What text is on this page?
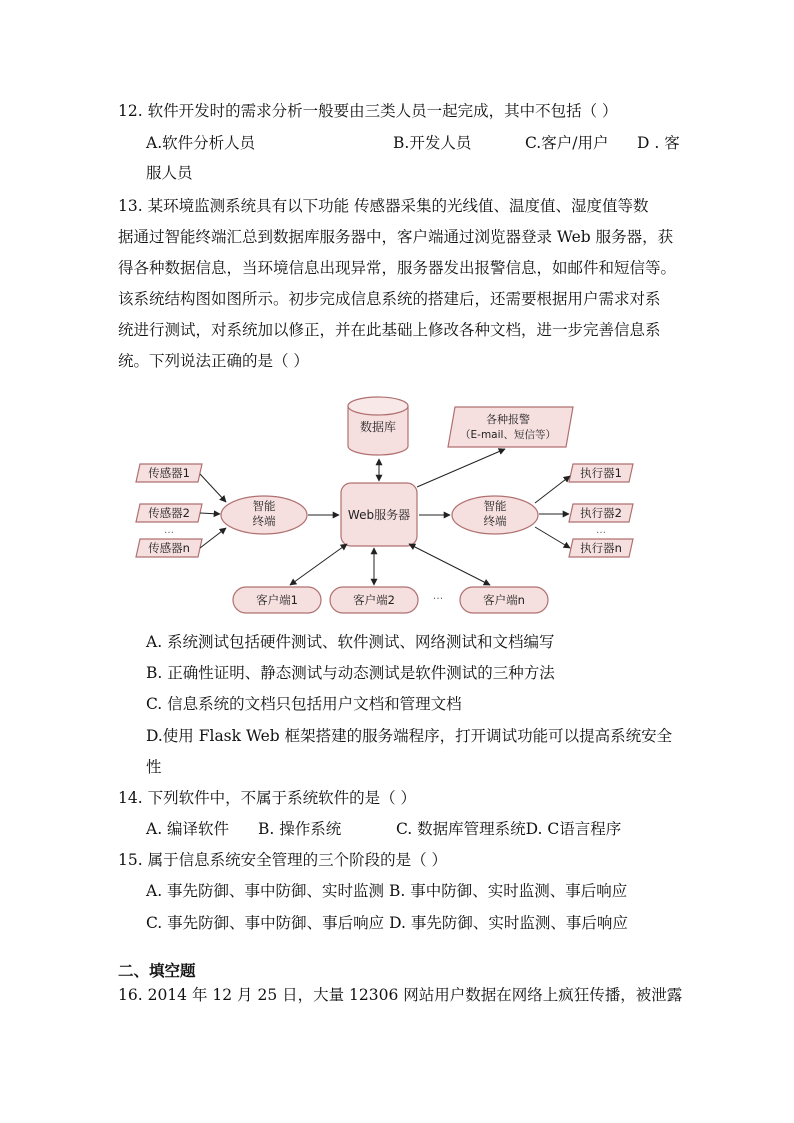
12. 软件开发时的需求分析一般要由三类人员一起完成，其中不包括（ ）
A.软件分析人员	B.开发人员	C.客户/用户 D . 客
服人员
13. 某环境监测系统具有以下功能 传感器采集的光线值、温度值、湿度值等数
据通过智能终端汇总到数据库服务器中，客户端通过浏览器登录 Web 服务器，获
得各种数据信息，当环境信息出现异常，服务器发出报警信息，如邮件和短信等。
该系统结构图如图所示。初步完成信息系统的搭建后，还需要根据用户需求对系
统进行测试，对系统加以修正，并在此基础上修改各种文档，进一步完善信息系
统。下列说法正确的是（ ）
数据库
各种报警
（E-mail、短信等）
传感器1
传感器2
…
传感器n
智能
终端	Web服务器
智能
终端
执行器1
执行器2
…
执行器n
客户端1	客户端2	···	客户端n
A. 系统测试包括硬件测试、软件测试、网络测试和文档编写
B. 正确性证明、静态测试与动态测试是软件测试的三种方法
C. 信息系统的文档只包括用户文档和管理文档
D.使用 Flask Web 框架搭建的服务端程序，打开调试功能可以提高系统安全
性
14. 下列软件中，不属于系统软件的是（ ）
A. 编译软件 B. 操作系统	C. 数据库管理系统D. C语言程序
15. 属于信息系统安全管理的三个阶段的是（ ）
A. 事先防御、事中防御、实时监测 B. 事中防御、实时监测、事后响应
C. 事先防御、事中防御、事后响应 D. 事先防御、实时监测、事后响应
二、填空题
16. 2014 年 12 月 25 日，大量 12306 网站用户数据在网络上疯狂传播，被泄露
